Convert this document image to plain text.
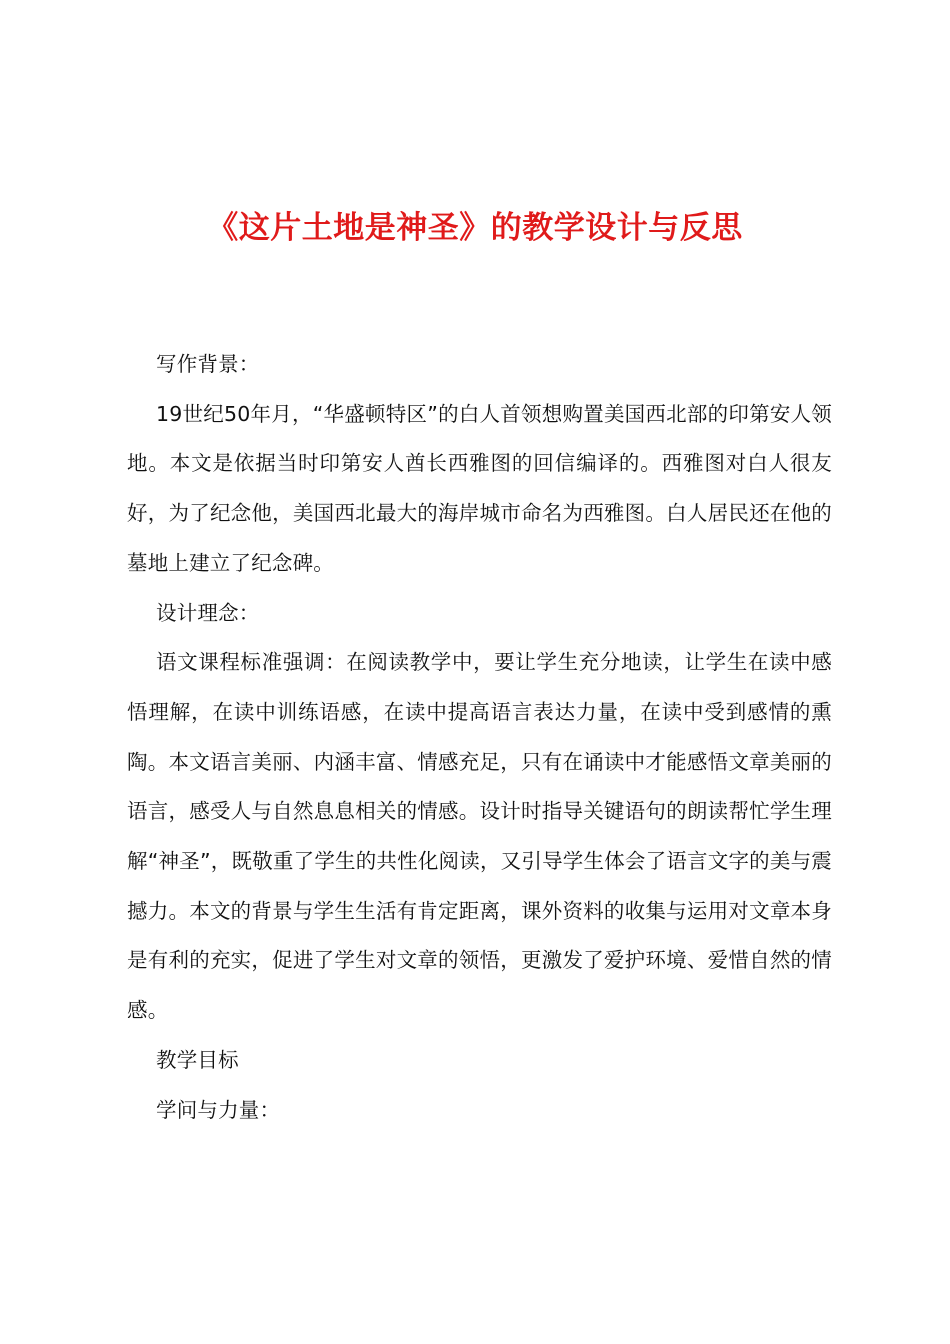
《这片土地是神圣》的教学设计与反思

写作背景：

19世纪50年月，“华盛顿特区”的白人首领想购置美国西北部的印第安人领地。本文是依据当时印第安人酋长西雅图的回信编译的。西雅图对白人很友好，为了纪念他，美国西北最大的海岸城市命名为西雅图。白人居民还在他的墓地上建立了纪念碑。

设计理念：

语文课程标准强调：在阅读教学中，要让学生充分地读，让学生在读中感悟理解，在读中训练语感，在读中提高语言表达力量，在读中受到感情的熏陶。本文语言美丽、内涵丰富、情感充足，只有在诵读中才能感悟文章美丽的语言，感受人与自然息息相关的情感。设计时指导关键语句的朗读帮忙学生理解“神圣”，既敬重了学生的共性化阅读，又引导学生体会了语言文字的美与震撼力。本文的背景与学生生活有肯定距离，课外资料的收集与运用对文章本身是有利的充实，促进了学生对文章的领悟，更激发了爱护环境、爱惜自然的情感。

教学目标

学问与力量：
